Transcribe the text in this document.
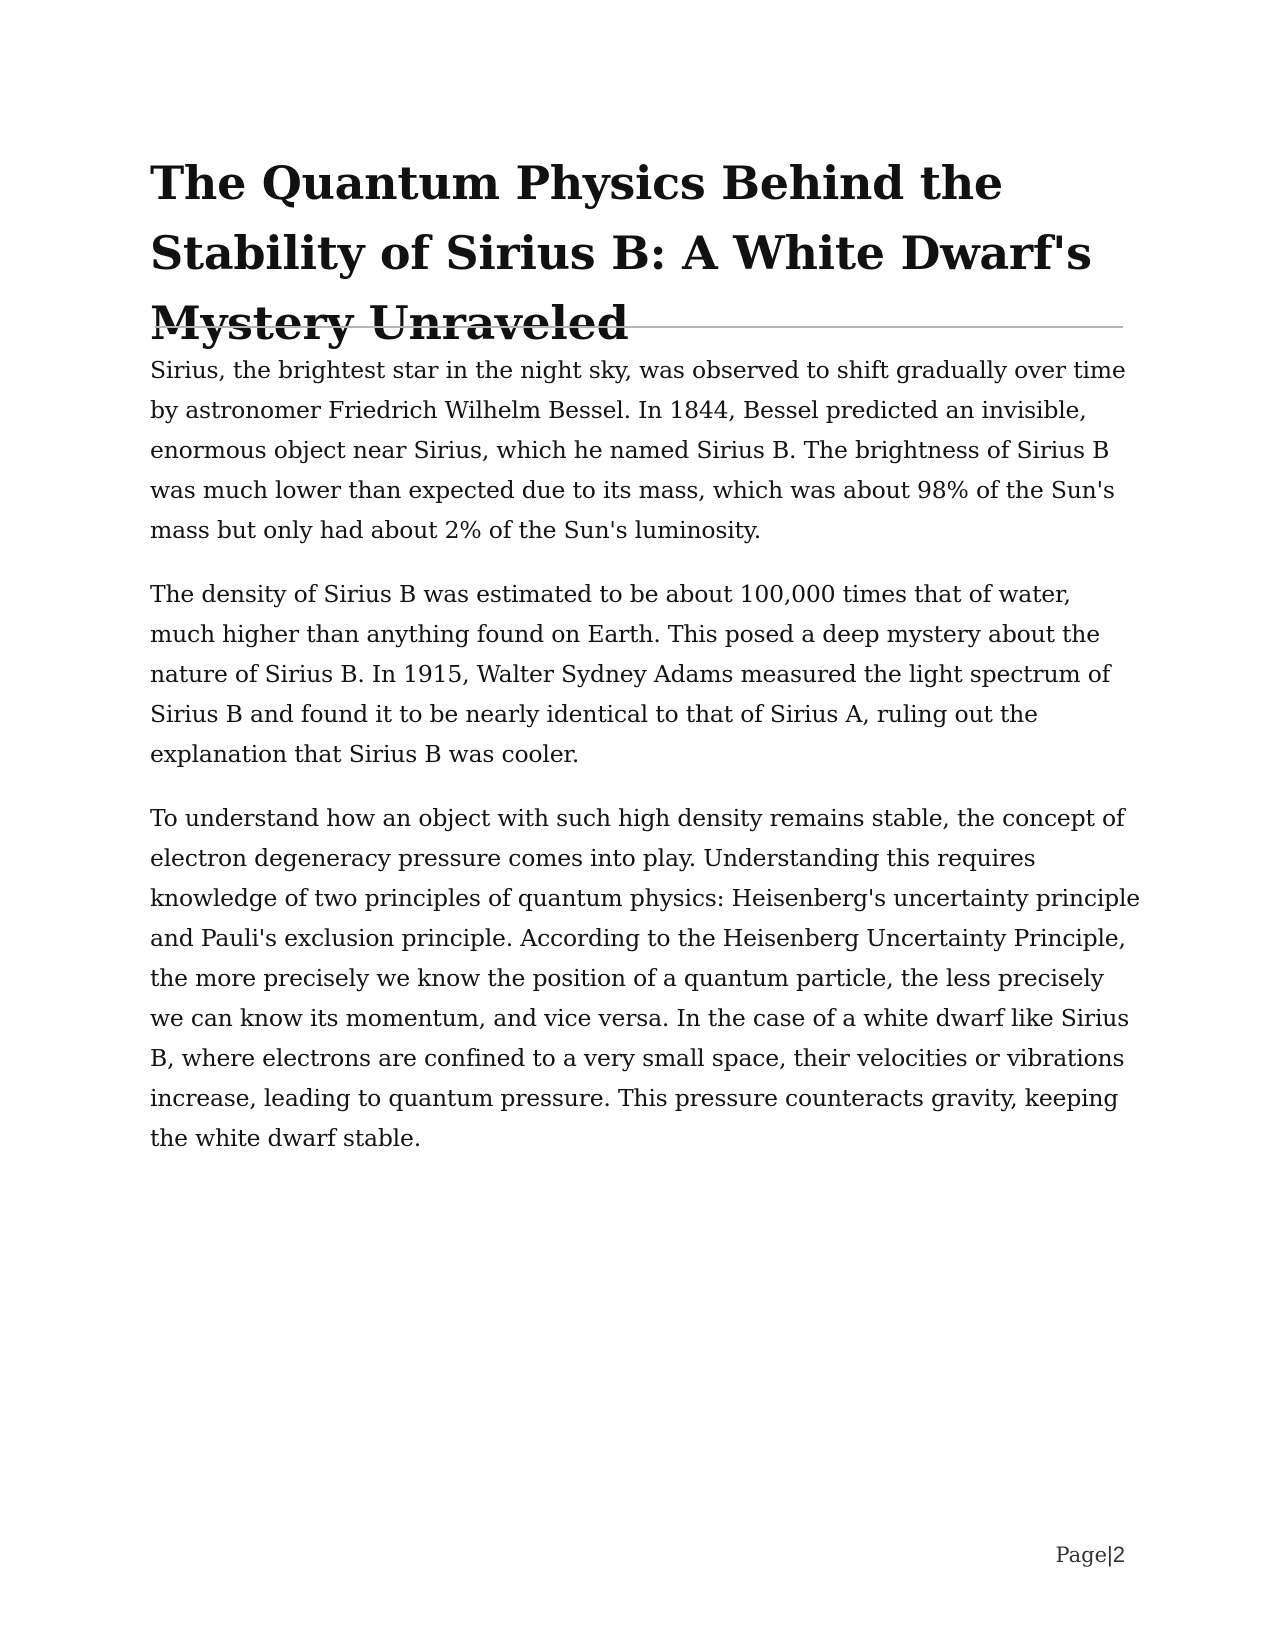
The Quantum Physics Behind the Stability of Sirius B: A White Dwarf's Mystery Unraveled

Sirius, the brightest star in the night sky, was observed to shift gradually over time by astronomer Friedrich Wilhelm Bessel. In 1844, Bessel predicted an invisible, enormous object near Sirius, which he named Sirius B. The brightness of Sirius B was much lower than expected due to its mass, which was about 98% of the Sun's mass but only had about 2% of the Sun's luminosity.

The density of Sirius B was estimated to be about 100,000 times that of water, much higher than anything found on Earth. This posed a deep mystery about the nature of Sirius B. In 1915, Walter Sydney Adams measured the light spectrum of Sirius B and found it to be nearly identical to that of Sirius A, ruling out the explanation that Sirius B was cooler.

To understand how an object with such high density remains stable, the concept of electron degeneracy pressure comes into play. Understanding this requires knowledge of two principles of quantum physics: Heisenberg's uncertainty principle and Pauli's exclusion principle. According to the Heisenberg Uncertainty Principle, the more precisely we know the position of a quantum particle, the less precisely we can know its momentum, and vice versa. In the case of a white dwarf like Sirius B, where electrons are confined to a very small space, their velocities or vibrations increase, leading to quantum pressure. This pressure counteracts gravity, keeping the white dwarf stable.

Page|2
